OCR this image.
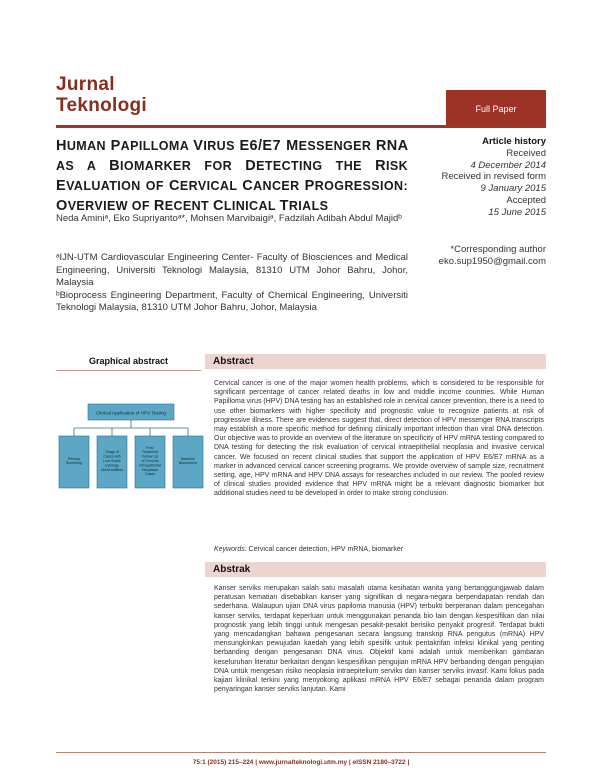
Jurnal
Teknologi	Full Paper
HUMAN PAPILLOMA VIRUS E6/E7 MESSENGER RNA AS A BIOMARKER FOR DETECTING THE RISK EVALUATION OF CERVICAL CANCER PROGRESSION: OVERVIEW OF RECENT CLINICAL TRIALS
Neda Aminiᵃ, Eko Supriyantoᵃ*, Mohsen Marvibaigiᵃ, Fadzilah Adibah Abdul Majidᵇ

ᵃIJN-UTM Cardiovascular Engineering Center- Faculty of Biosciences and Medical Engineering, Universiti Teknologi Malaysia, 81310 UTM Johor Bahru, Johor, Malaysia

ᵇBioprocess Engineering Department, Faculty of Chemical Engineering, Universiti Teknologi Malaysia, 81310 UTM Johor Bahru, Johor, Malaysia

Article history
Received
4 December 2014
Received in revised form
9 January 2015
Accepted
15 June 2015
*Corresponding author
eko.sup1950@gmail.com
Graphical abstract
Clinical Application of HPV Testing
Primary Screening
Triage of Cases with Low Grade Cytology Abnormalities
Post Treatment Follow Up of Cervical Intraepithelial Neoplasia Cases
Baseline Biomarkers
Abstract
Cervical cancer is one of the major women health problems, which is considered to be responsible for significant percentage of cancer related deaths in low and middle income countries. While Human Papilloma virus (HPV) DNA testing has an established role in cervical cancer prevention, there is a need to use other biomarkers with higher specificity and prognostic value to recognize patients at risk of progressive illness. There are evidences suggest that, direct detection of HPV messenger RNA transcripts may establish a more specific method for defining clinically important infection than viral DNA detection. Our objective was to provide an overview of the literature on specificity of HPV mRNA testing compared to DNA testing for detecting the risk evaluation of cervical intraepithelial neoplasia and invasive cervical cancer. We focused on recent clinical studies that support the application of HPV E6/E7 mRNA as a marker in advanced cervical cancer screening programs. We provide overview of sample size, recruitment setting, age, HPV mRNA and HPV DNA assays for researches included in our review. The pooled review of clinical studies provided evidence that HPV mRNA might be a relevant diagnostic biomarker but additional studies need to be developed in order to make strong conclusion.
Keywords: Cervical cancer detection, HPV mRNA, biomarker
Abstrak
Kanser serviks merupakan salah satu masalah utama kesihatan wanita yang bertanggungjawab dalam peratusan kematian disebabkan kanser yang signifikan di negara-negara berpendapatan rendah dan sederhana. Walaupun ujian DNA virus papiloma manusia (HPV) terbukti berperanan dalam pencegahan kanser serviks, terdapat keperluan untuk menggunakan penanda bio lain dengan kespesifikan dan nilai prognostik yang lebih tinggi untuk mengesan pesakit-pesakit berisiko penyakit progresif. Terdapat bukti yang mencadangkan bahawa pengesanan secara langsung transkrip RNA pengutus (mRNA) HPV mensungkinkan pewujudan kaedah yang lebih spesifik untuk pentakrifan infeksi klinikal yang penting berbanding dengan pengesanan DNA virus. Objektif kami adalah untuk memberikan gambaran keseluruhan literatur berkaitan dengan kespesifikan pengujian mRNA HPV berbanding dengan pengujian DNA untuk mengesan risiko neoplasia intraepitelium serviks dan kanser serviks invasif. Kami fokus pada kajian klinikal terkini yang menyokong aplikasi mRNA HPV E6/E7 sebagai penanda dalam program penyaringan kanser serviks lanjutan. Kami
75:1 (2015) 215–224 | www.jurnalteknologi.utm.my | eISSN 2180–3722 |
